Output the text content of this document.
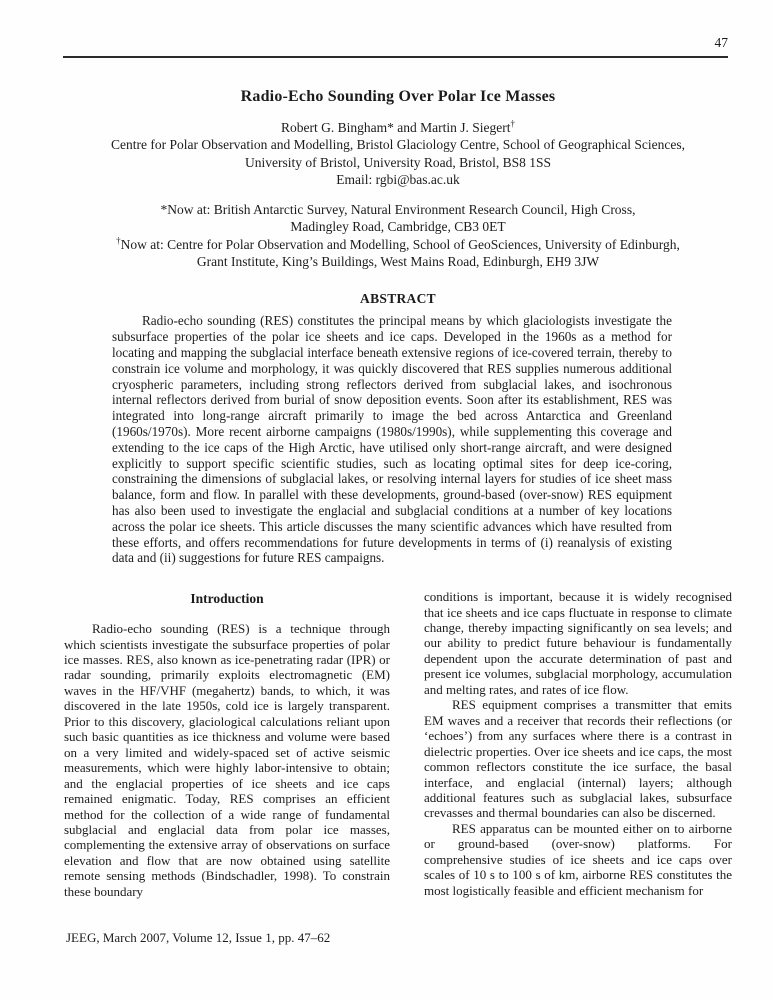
47
Radio-Echo Sounding Over Polar Ice Masses
Robert G. Bingham* and Martin J. Siegert†
Centre for Polar Observation and Modelling, Bristol Glaciology Centre, School of Geographical Sciences,
University of Bristol, University Road, Bristol, BS8 1SS
Email: rgbi@bas.ac.uk
*Now at: British Antarctic Survey, Natural Environment Research Council, High Cross,
Madingley Road, Cambridge, CB3 0ET
†Now at: Centre for Polar Observation and Modelling, School of GeoSciences, University of Edinburgh,
Grant Institute, King’s Buildings, West Mains Road, Edinburgh, EH9 3JW
ABSTRACT

Radio-echo sounding (RES) constitutes the principal means by which glaciologists investigate the subsurface properties of the polar ice sheets and ice caps. Developed in the 1960s as a method for locating and mapping the subglacial interface beneath extensive regions of ice-covered terrain, thereby to constrain ice volume and morphology, it was quickly discovered that RES supplies numerous additional cryospheric parameters, including strong reflectors derived from subglacial lakes, and isochronous internal reflectors derived from burial of snow deposition events. Soon after its establishment, RES was integrated into long-range aircraft primarily to image the bed across Antarctica and Greenland (1960s/1970s). More recent airborne campaigns (1980s/1990s), while supplementing this coverage and extending to the ice caps of the High Arctic, have utilised only short-range aircraft, and were designed explicitly to support specific scientific studies, such as locating optimal sites for deep ice-coring, constraining the dimensions of subglacial lakes, or resolving internal layers for studies of ice sheet mass balance, form and flow. In parallel with these developments, ground-based (over-snow) RES equipment has also been used to investigate the englacial and subglacial conditions at a number of key locations across the polar ice sheets. This article discusses the many scientific advances which have resulted from these efforts, and offers recommendations for future developments in terms of (i) reanalysis of existing data and (ii) suggestions for future RES campaigns.

Introduction

Radio-echo sounding (RES) is a technique through which scientists investigate the subsurface properties of polar ice masses. RES, also known as ice-penetrating radar (IPR) or radar sounding, primarily exploits electromagnetic (EM) waves in the HF/VHF (megahertz) bands, to which, it was discovered in the late 1950s, cold ice is largely transparent. Prior to this discovery, glaciological calculations reliant upon such basic quantities as ice thickness and volume were based on a very limited and widely-spaced set of active seismic measurements, which were highly labor-intensive to obtain; and the englacial properties of ice sheets and ice caps remained enigmatic. Today, RES comprises an efficient method for the collection of a wide range of fundamental subglacial and englacial data from polar ice masses, complementing the extensive array of observations on surface elevation and flow that are now obtained using satellite remote sensing methods (Bindschadler, 1998). To constrain these boundary

conditions is important, because it is widely recognised that ice sheets and ice caps fluctuate in response to climate change, thereby impacting significantly on sea levels; and our ability to predict future behaviour is fundamentally dependent upon the accurate determination of past and present ice volumes, subglacial morphology, accumulation and melting rates, and rates of ice flow.

RES equipment comprises a transmitter that emits EM waves and a receiver that records their reflections (or ‘echoes’) from any surfaces where there is a contrast in dielectric properties. Over ice sheets and ice caps, the most common reflectors constitute the ice surface, the basal interface, and englacial (internal) layers; although additional features such as subglacial lakes, subsurface crevasses and thermal boundaries can also be discerned.

RES apparatus can be mounted either on to airborne or ground-based (over-snow) platforms. For comprehensive studies of ice sheets and ice caps over scales of 10 s to 100 s of km, airborne RES constitutes the most logistically feasible and efficient mechanism for

JEEG, March 2007, Volume 12, Issue 1, pp. 47–62
